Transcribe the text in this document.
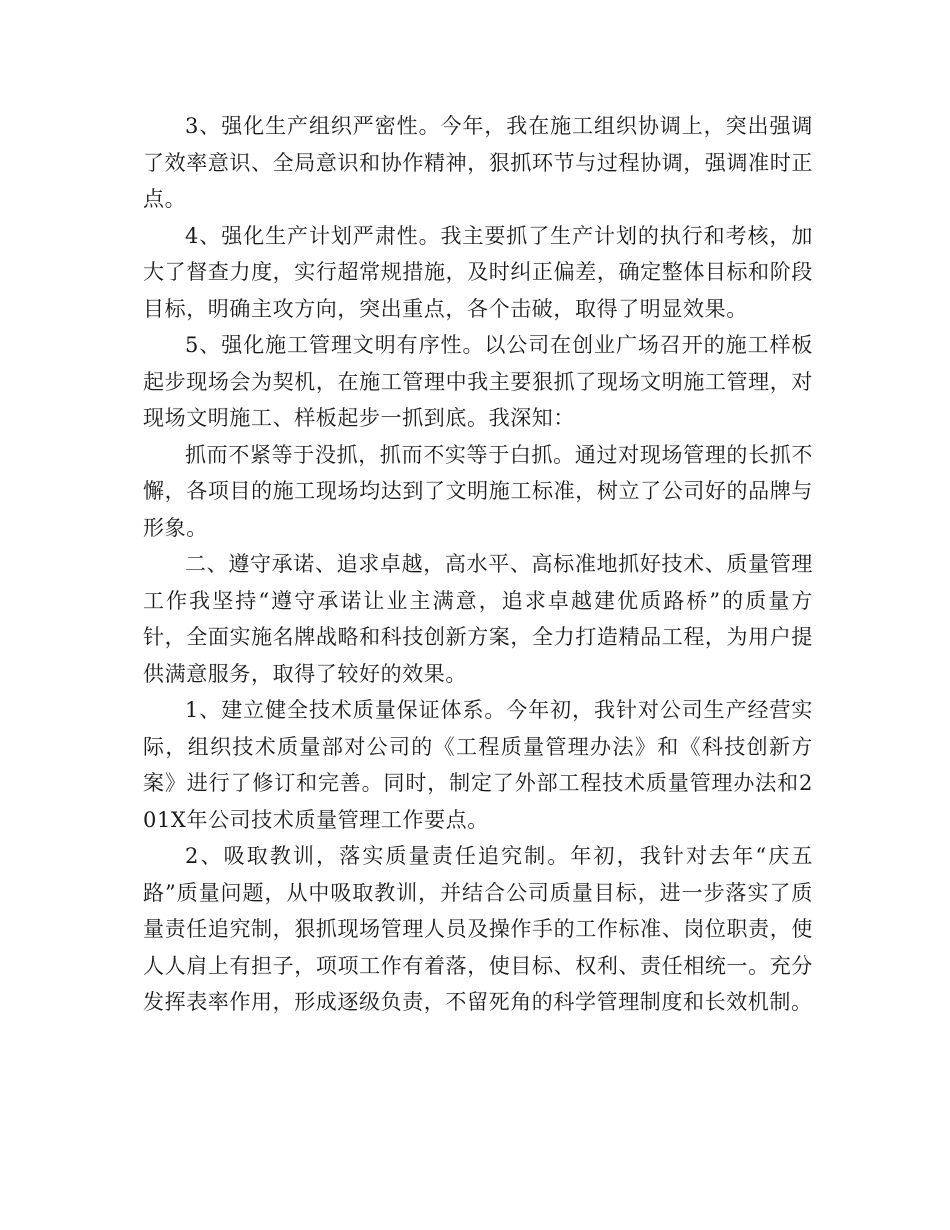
3、强化生产组织严密性。今年，我在施工组织协调上，突出强调了效率意识、全局意识和协作精神，狠抓环节与过程协调，强调准时正点。

4、强化生产计划严肃性。我主要抓了生产计划的执行和考核，加大了督查力度，实行超常规措施，及时纠正偏差，确定整体目标和阶段目标，明确主攻方向，突出重点，各个击破，取得了明显效果。

5、强化施工管理文明有序性。以公司在创业广场召开的施工样板起步现场会为契机，在施工管理中我主要狠抓了现场文明施工管理，对现场文明施工、样板起步一抓到底。我深知：

抓而不紧等于没抓，抓而不实等于白抓。通过对现场管理的长抓不懈，各项目的施工现场均达到了文明施工标准，树立了公司好的品牌与形象。

二、遵守承诺、追求卓越，高水平、高标准地抓好技术、质量管理工作我坚持“遵守承诺让业主满意，追求卓越建优质路桥”的质量方针，全面实施名牌战略和科技创新方案，全力打造精品工程，为用户提供满意服务，取得了较好的效果。

1、建立健全技术质量保证体系。今年初，我针对公司生产经营实际，组织技术质量部对公司的《工程质量管理办法》和《科技创新方案》进行了修订和完善。同时，制定了外部工程技术质量管理办法和201X年公司技术质量管理工作要点。

2、吸取教训，落实质量责任追究制。年初，我针对去年“庆五路”质量问题，从中吸取教训，并结合公司质量目标，进一步落实了质量责任追究制，狠抓现场管理人员及操作手的工作标准、岗位职责，使人人肩上有担子，项项工作有着落，使目标、权利、责任相统一。充分发挥表率作用，形成逐级负责，不留死角的科学管理制度和长效机制。
